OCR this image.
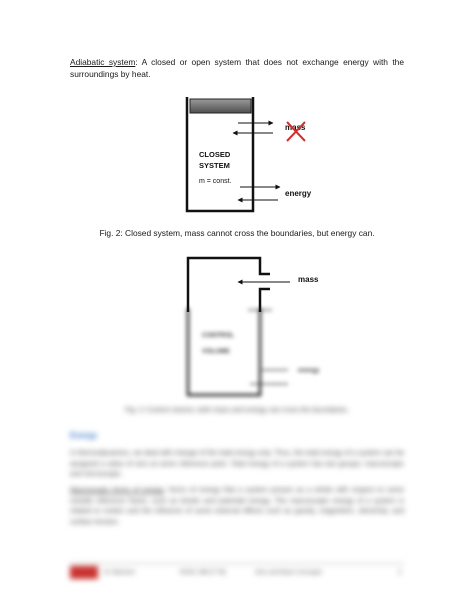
Adiabatic system: A closed or open system that does not exchange energy with the surroundings by heat.

mass
CLOSED
SYSTEM
m = const.
energy
mass
CONTROL
VOLUME
energy
Fig. 2: Closed system, mass cannot cross the boundaries, but energy can.
Fig. 3: Control volume, both mass and energy can cross the boundaries.
Energy

In thermodynamics, we deal with change of the total energy only. Thus, the total energy of a system can be assigned a value of zero at some reference point. Total energy of a system has two groups: macroscopic and microscopic.

Macroscopic forms of energy: forms of energy that a system posses as a whole with respect to some outside reference frame, such as kinetic and potential energy. The macroscopic energy of a system is related to motion and the influence of some external effects such as gravity, magnetism, electricity, and surface tension.

M. Bahrami	ENSC 388 (F 09)	Intro and Basic Concepts	3
